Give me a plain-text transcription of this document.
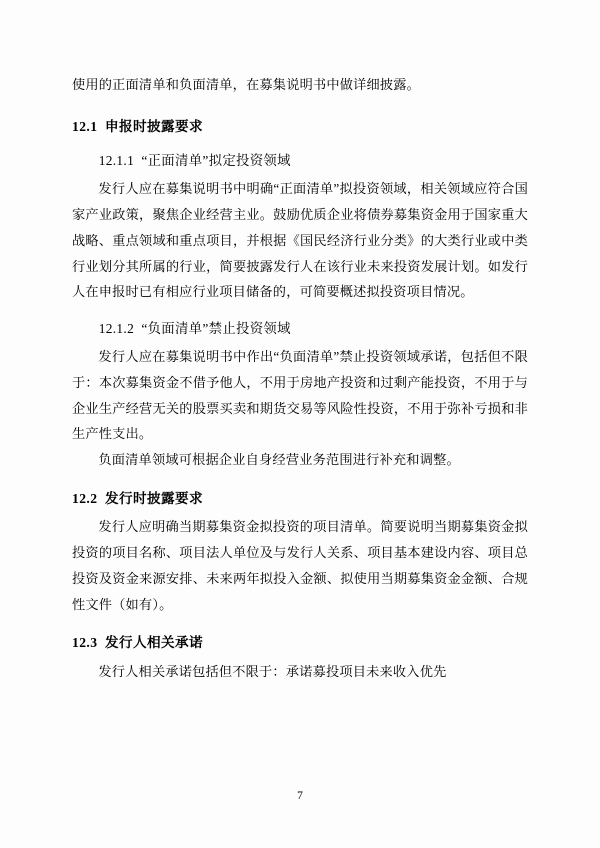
使用的正面清单和负面清单，在募集说明书中做详细披露。

12.1 申报时披露要求

12.1.1 “正面清单”拟定投资领域

发行人应在募集说明书中明确“正面清单”拟投资领域，相关领域应符合国家产业政策，聚焦企业经营主业。鼓励优质企业将债券募集资金用于国家重大战略、重点领域和重点项目，并根据《国民经济行业分类》的大类行业或中类行业划分其所属的行业，简要披露发行人在该行业未来投资发展计划。如发行人在申报时已有相应行业项目储备的，可简要概述拟投资项目情况。

12.1.2 “负面清单”禁止投资领域

发行人应在募集说明书中作出“负面清单”禁止投资领域承诺，包括但不限于：本次募集资金不借予他人，不用于房地产投资和过剩产能投资，不用于与企业生产经营无关的股票买卖和期货交易等风险性投资，不用于弥补亏损和非生产性支出。

负面清单领域可根据企业自身经营业务范围进行补充和调整。

12.2 发行时披露要求

发行人应明确当期募集资金拟投资的项目清单。简要说明当期募集资金拟投资的项目名称、项目法人单位及与发行人关系、项目基本建设内容、项目总投资及资金来源安排、未来两年拟投入金额、拟使用当期募集资金金额、合规性文件（如有）。

12.3 发行人相关承诺

发行人相关承诺包括但不限于：承诺募投项目未来收入优先

7
